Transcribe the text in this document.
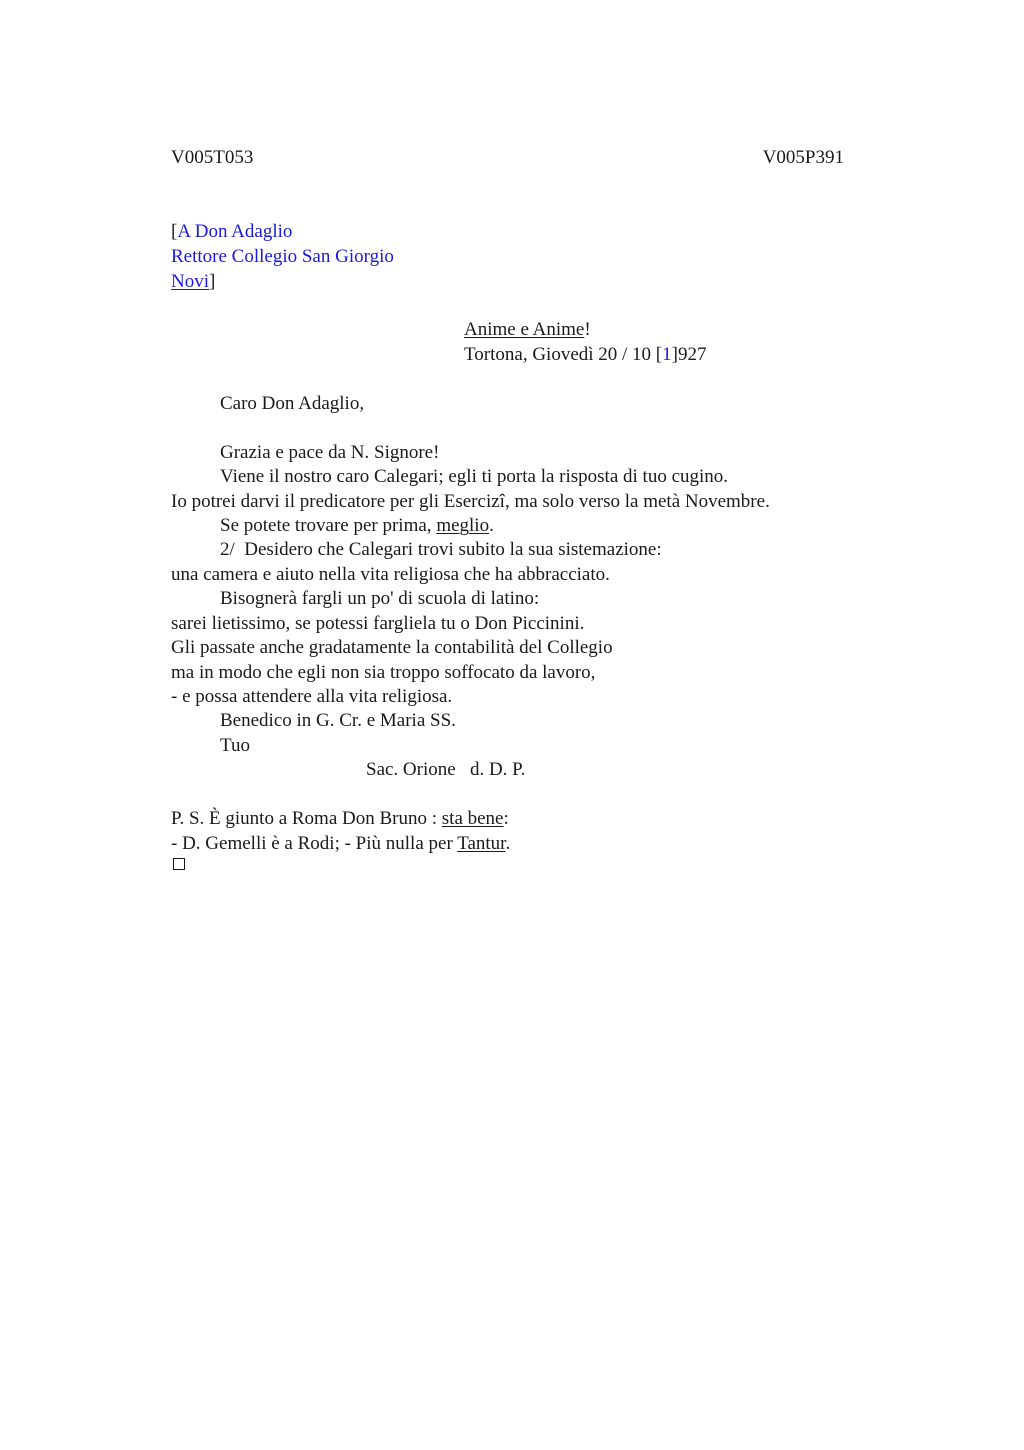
V005T053	V005P391
[A Don Adaglio
Rettore Collegio San Giorgio
Novi]
Anime e Anime!
Tortona, Giovedì 20 / 10 [1]927
Caro Don Adaglio,
Grazia e pace da N. Signore!
Viene il nostro caro Calegari; egli ti porta la risposta di tuo cugino.
Io potrei darvi il predicatore per gli Esercizî, ma solo verso la metà Novembre.
Se potete trovare per prima, meglio.
2/  Desidero che Calegari trovi subito la sua sistemazione:
una camera e aiuto nella vita religiosa che ha abbracciato.
Bisognerà fargli un po' di scuola di latino:
sarei lietissimo, se potessi fargliela tu o Don Piccinini.
Gli passate anche gradatamente la contabilità del Collegio
ma in modo che egli non sia troppo soffocato da lavoro,
- e possa attendere alla vita religiosa.
Benedico in G. Cr. e Maria SS.
Tuo
Sac. Orione   d. D. P.
P. S. È giunto a Roma Don Bruno : sta bene:
- D. Gemelli è a Rodi; - Più nulla per Tantur.
